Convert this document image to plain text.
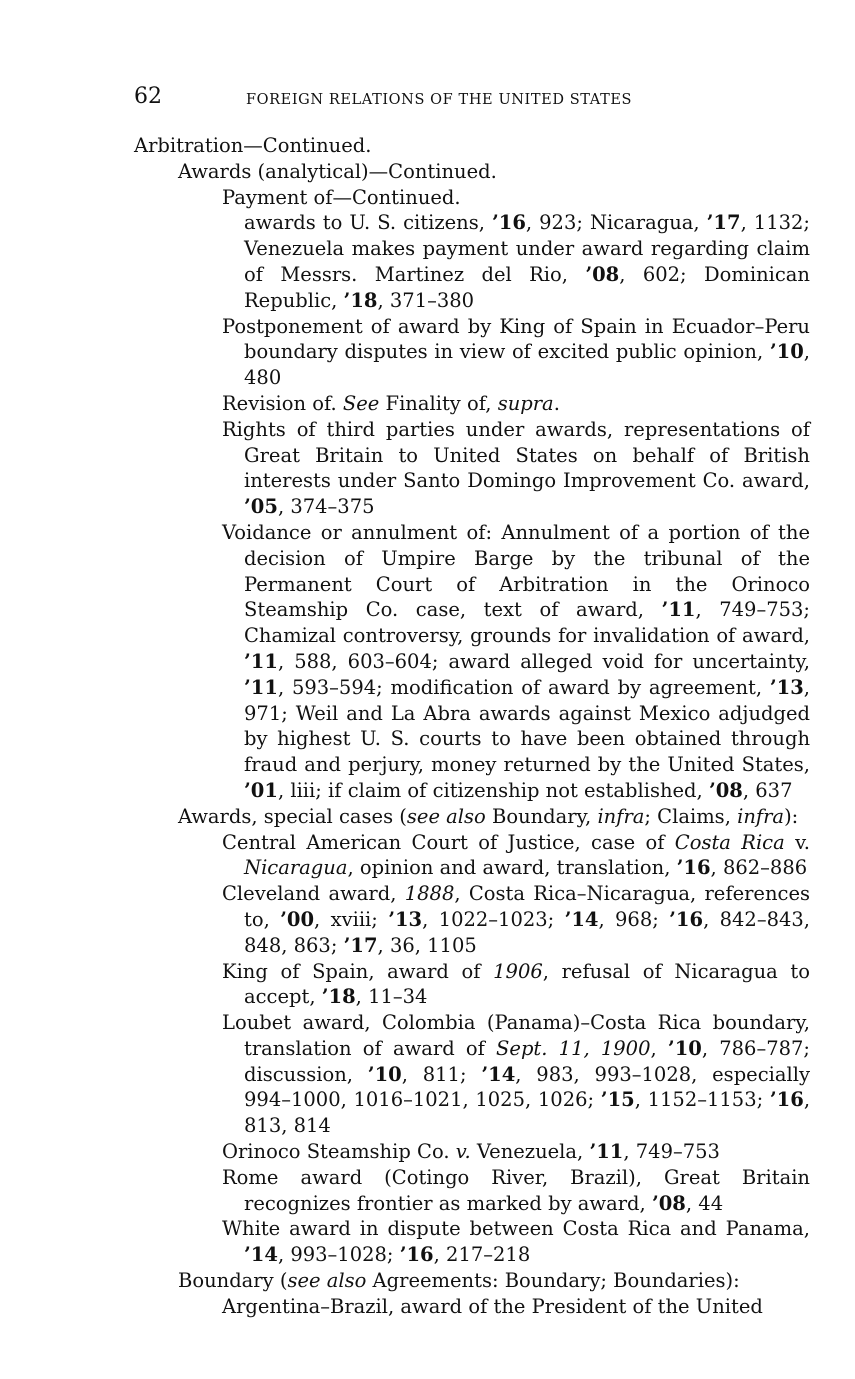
62	FOREIGN RELATIONS OF THE UNITED STATES
Arbitration—Continued.
Awards (analytical)—Continued.
Payment of—Continued.
awards to U. S. citizens, ’16, 923; Nicaragua, ’17, 1132; Venezuela makes payment under award regarding claim of Messrs. Martinez del Rio, ’08, 602; Dominican Republic, ’18, 371–380
Postponement of award by King of Spain in Ecuador–Peru boundary disputes in view of excited public opinion, ’10, 480
Revision of. See Finality of, supra.
Rights of third parties under awards, representations of Great Britain to United States on behalf of British interests under Santo Domingo Improvement Co. award, ’05, 374–375
Voidance or annulment of: Annulment of a portion of the decision of Umpire Barge by the tribunal of the Permanent Court of Arbitration in the Orinoco Steamship Co. case, text of award, ’11, 749–753; Chamizal controversy, grounds for invalidation of award, ’11, 588, 603–604; award alleged void for uncertainty, ’11, 593–594; modification of award by agreement, ’13, 971; Weil and La Abra awards against Mexico adjudged by highest U. S. courts to have been obtained through fraud and perjury, money returned by the United States, ’01, liii; if claim of citizenship not established, ’08, 637
Awards, special cases (see also Boundary, infra; Claims, infra):
Central American Court of Justice, case of Costa Rica v. Nicaragua, opinion and award, translation, ’16, 862–886
Cleveland award, 1888, Costa Rica–Nicaragua, references to, ’00, xviii; ’13, 1022–1023; ’14, 968; ’16, 842–843, 848, 863; ’17, 36, 1105
King of Spain, award of 1906, refusal of Nicaragua to accept, ’18, 11–34
Loubet award, Colombia (Panama)–Costa Rica boundary, translation of award of Sept. 11, 1900, ’10, 786–787; discussion, ’10, 811; ’14, 983, 993–1028, especially 994–1000, 1016–1021, 1025, 1026; ’15, 1152–1153; ’16, 813, 814
Orinoco Steamship Co. v. Venezuela, ’11, 749–753
Rome award (Cotingo River, Brazil), Great Britain recognizes frontier as marked by award, ’08, 44
White award in dispute between Costa Rica and Panama, ’14, 993–1028; ’16, 217–218
Boundary (see also Agreements: Boundary; Boundaries):
Argentina–Brazil, award of the President of the United
